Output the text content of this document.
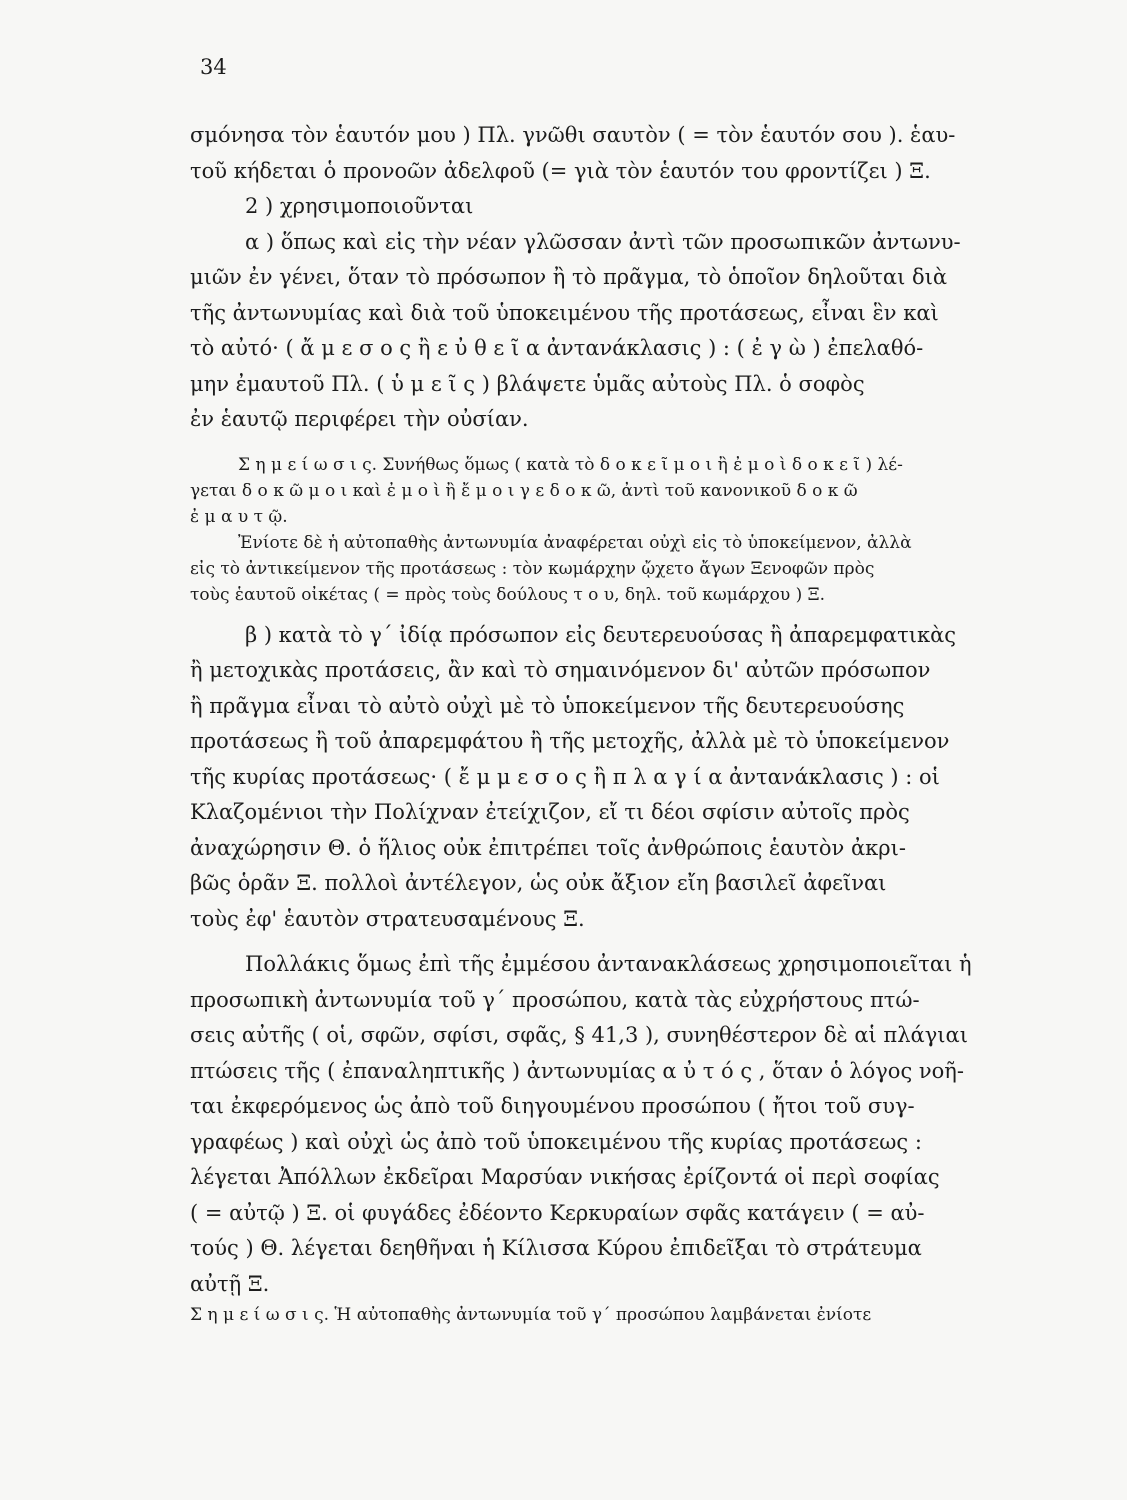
34
σμόνησα τὸν ἑαυτόν μου ) Πλ. γνῶθι σαυτὸν ( = τὸν ἑαυτόν σου ). ἑαυ-
τοῦ κήδεται ὁ προνοῶν ἀδελφοῦ (= γιὰ τὸν ἑαυτόν του φροντίζει ) Ξ.
2 ) χρησιμοποιοῦνται
α ) ὅπως καὶ εἰς τὴν νέαν γλῶσσαν ἀντὶ τῶν προσωπικῶν ἀντωνυ-
μιῶν ἐν γένει, ὅταν τὸ πρόσωπον ἢ τὸ πρᾶγμα, τὸ ὁποῖον δηλοῦται διὰ
τῆς ἀντωνυμίας καὶ διὰ τοῦ ὑποκειμένου τῆς προτάσεως, εἶναι ἓν καὶ
τὸ αὐτό· ( ἄ μ ε σ ο ς ἢ ε ὐ θ ε ῖ α ἀντανάκλασις ) : ( ἐ γ ὼ ) ἐπελαθό-
μην ἐμαυτοῦ Πλ. ( ὑ μ ε ῖ ς ) βλάψετε ὑμᾶς αὐτοὺς Πλ. ὁ σοφὸς
ἐν ἑαυτῷ περιφέρει τὴν οὐσίαν.
Σ η μ ε ί ω σ ι ς. Συνήθως ὅμως ( κατὰ τὸ δ ο κ ε ῖ μ ο ι ἢ ἐ μ ο ὶ δ ο κ ε ῖ ) λέ-
γεται δ ο κ ῶ μ ο ι καὶ ἐ μ ο ὶ ἢ ἔ μ ο ι γ ε δ ο κ ῶ, ἀντὶ τοῦ κανονικοῦ δ ο κ ῶ
ἐ μ α υ τ ῷ.
Ἐνίοτε δὲ ἡ αὐτοπαθὴς ἀντωνυμία ἀναφέρεται οὐχὶ εἰς τὸ ὑποκείμενον, ἀλλὰ
εἰς τὸ ἀντικείμενον τῆς προτάσεως : τὸν κωμάρχην ᾤχετο ἄγων Ξενοφῶν πρὸς
τοὺς ἑαυτοῦ οἰκέτας ( = πρὸς τοὺς δούλους τ ο υ, δηλ. τοῦ κωμάρχου ) Ξ.
β ) κατὰ τὸ γ΄ ἰδίᾳ πρόσωπον εἰς δευτερευούσας ἢ ἀπαρεμφατικὰς
ἢ μετοχικὰς προτάσεις, ἂν καὶ τὸ σημαινόμενον δι' αὐτῶν πρόσωπον
ἢ πρᾶγμα εἶναι τὸ αὐτὸ οὐχὶ μὲ τὸ ὑποκείμενον τῆς δευτερευούσης
προτάσεως ἢ τοῦ ἀπαρεμφάτου ἢ τῆς μετοχῆς, ἀλλὰ μὲ τὸ ὑποκείμενον
τῆς κυρίας προτάσεως· ( ἔ μ μ ε σ ο ς ἢ π λ α γ ί α ἀντανάκλασις ) : οἱ
Κλαζομένιοι τὴν Πολίχναν ἐτείχιζον, εἴ τι δέοι σφίσιν αὐτοῖς πρὸς
ἀναχώρησιν Θ. ὁ ἥλιος οὐκ ἐπιτρέπει τοῖς ἀνθρώποις ἑαυτὸν ἀκρι-
βῶς ὁρᾶν Ξ. πολλοὶ ἀντέλεγον, ὡς οὐκ ἄξιον εἴη βασιλεῖ ἀφεῖναι
τοὺς ἐφ' ἑαυτὸν στρατευσαμένους Ξ.
Πολλάκις ὅμως ἐπὶ τῆς ἐμμέσου ἀντανακλάσεως χρησιμοποιεῖται ἡ
προσωπικὴ ἀντωνυμία τοῦ γ΄ προσώπου, κατὰ τὰς εὐχρήστους πτώ-
σεις αὐτῆς ( οἱ, σφῶν, σφίσι, σφᾶς, § 41,3 ), συνηθέστερον δὲ αἱ πλάγιαι
πτώσεις τῆς ( ἐπαναληπτικῆς ) ἀντωνυμίας α ὐ τ ό ς , ὅταν ὁ λόγος νοῆ-
ται ἐκφερόμενος ὡς ἀπὸ τοῦ διηγουμένου προσώπου ( ἤτοι τοῦ συγ-
γραφέως ) καὶ οὐχὶ ὡς ἀπὸ τοῦ ὑποκειμένου τῆς κυρίας προτάσεως :
λέγεται Ἀπόλλων ἐκδεῖραι Μαρσύαν νικήσας ἐρίζοντά οἱ περὶ σοφίας
( = αὐτῷ ) Ξ. οἱ φυγάδες ἐδέοντο Κερκυραίων σφᾶς κατάγειν ( = αὐ-
τούς ) Θ. λέγεται δεηθῆναι ἡ Κίλισσα Κύρου ἐπιδεῖξαι τὸ στράτευμα
αὐτῇ Ξ.
Σ η μ ε ί ω σ ι ς. Ἡ αὐτοπαθὴς ἀντωνυμία τοῦ γ΄ προσώπου λαμβάνεται ἐνίοτε
